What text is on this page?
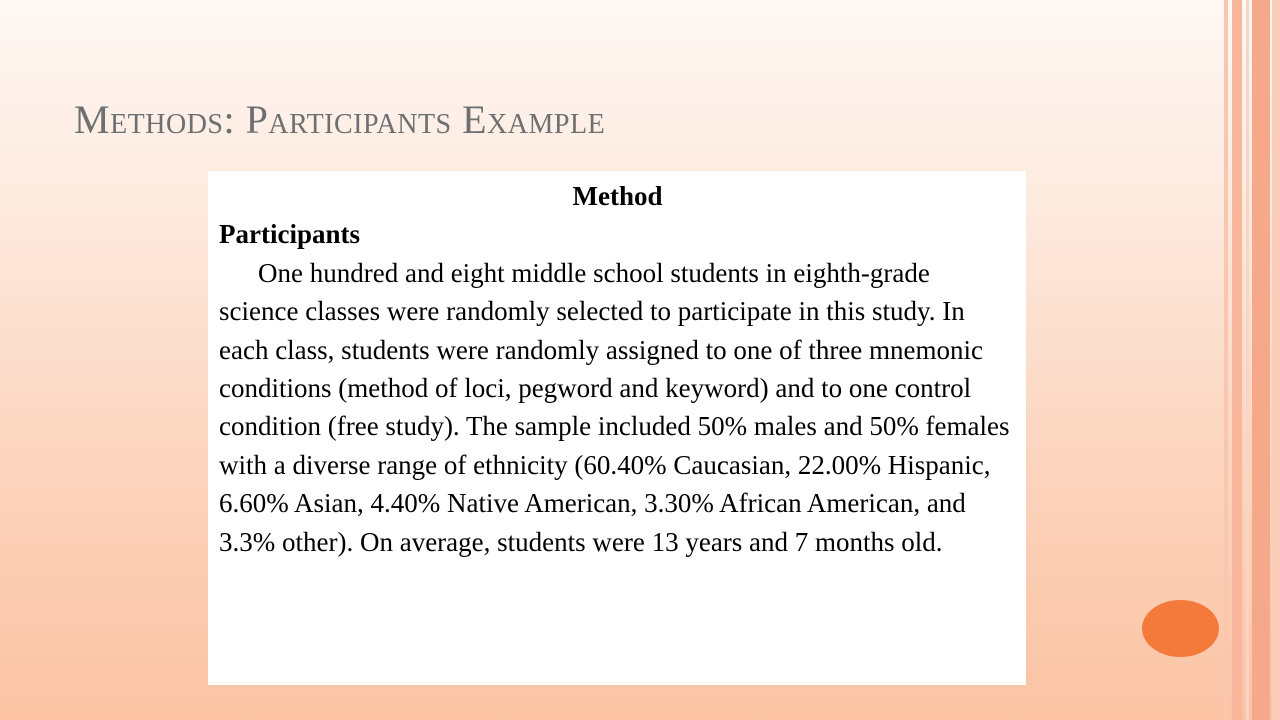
Methods: Participants Example

Method

Participants

One hundred and eight middle school students in eighth-grade science classes were randomly selected to participate in this study. In each class, students were randomly assigned to one of three mnemonic conditions (method of loci, pegword and keyword) and to one control condition (free study). The sample included 50% males and 50% females with a diverse range of ethnicity (60.40% Caucasian, 22.00% Hispanic, 6.60% Asian, 4.40% Native American, 3.30% African American, and 3.3% other). On average, students were 13 years and 7 months old.
